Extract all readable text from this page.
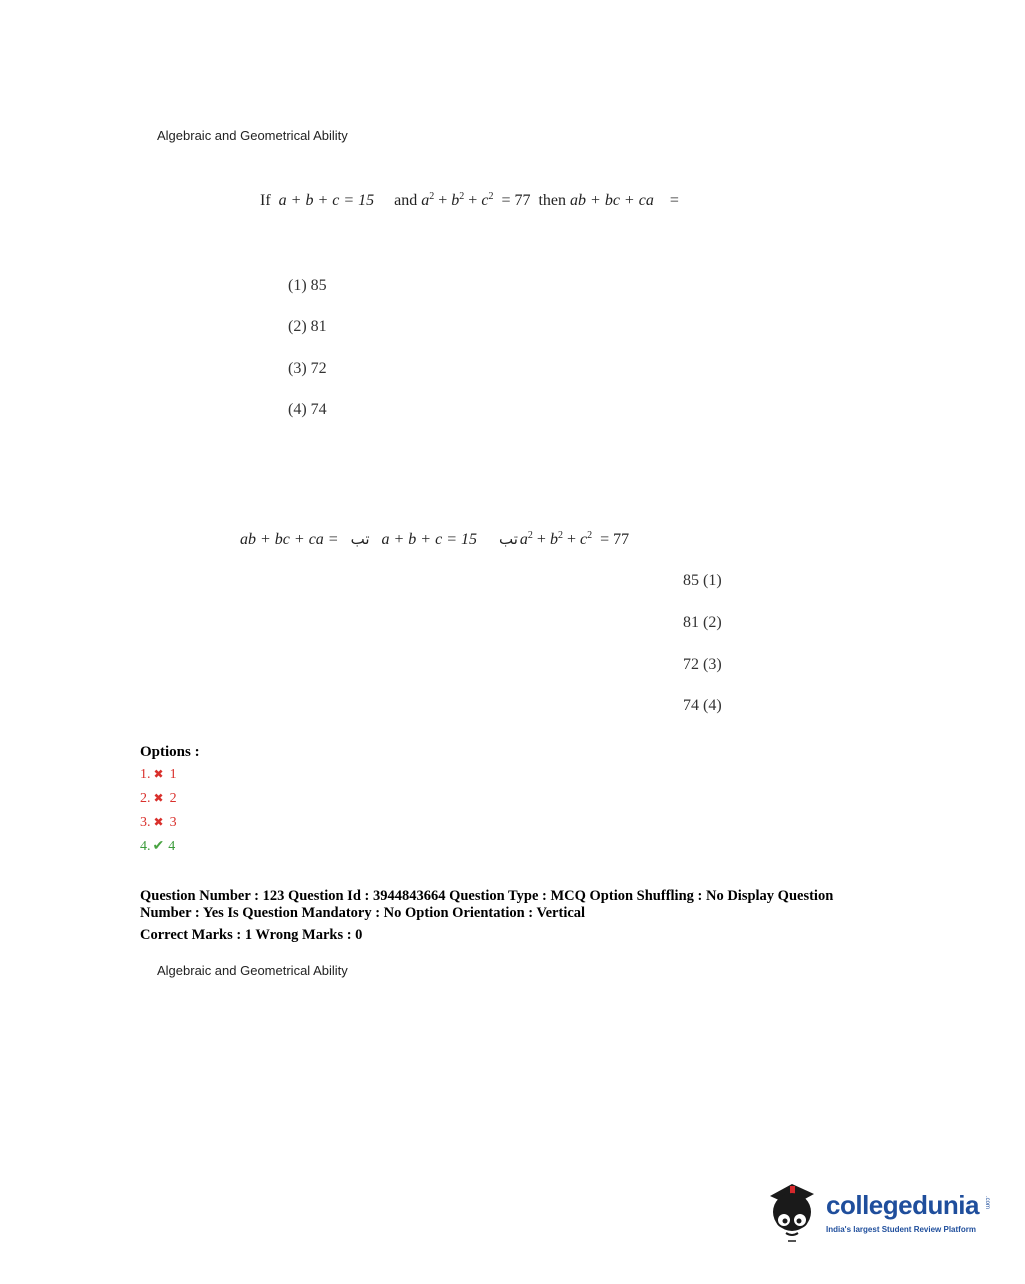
Algebraic and Geometrical Ability
If a + b + c = 15 and $a^2 + b^2 + c^2 = 77$  then ab + bc + ca =
(1) 85
(2) 81
(3) 72
(4) 74
ab + bc + ca = تب a + b + c = 15 تب $a^2 + b^2 + c^2 = 77$
85 (1)
81 (2)
72 (3)
74 (4)
Options :
1. ✖ 1
2. ✖ 2
3. ✖ 3
4. ✔ 4
Question Number : 123 Question Id : 3944843664 Question Type : MCQ Option Shuffling : No Display Question
Number : Yes Is Question Mandatory : No Option Orientation : Vertical
Correct Marks : 1 Wrong Marks : 0
Algebraic and Geometrical Ability
collegedunia .com
India's largest Student Review Platform
